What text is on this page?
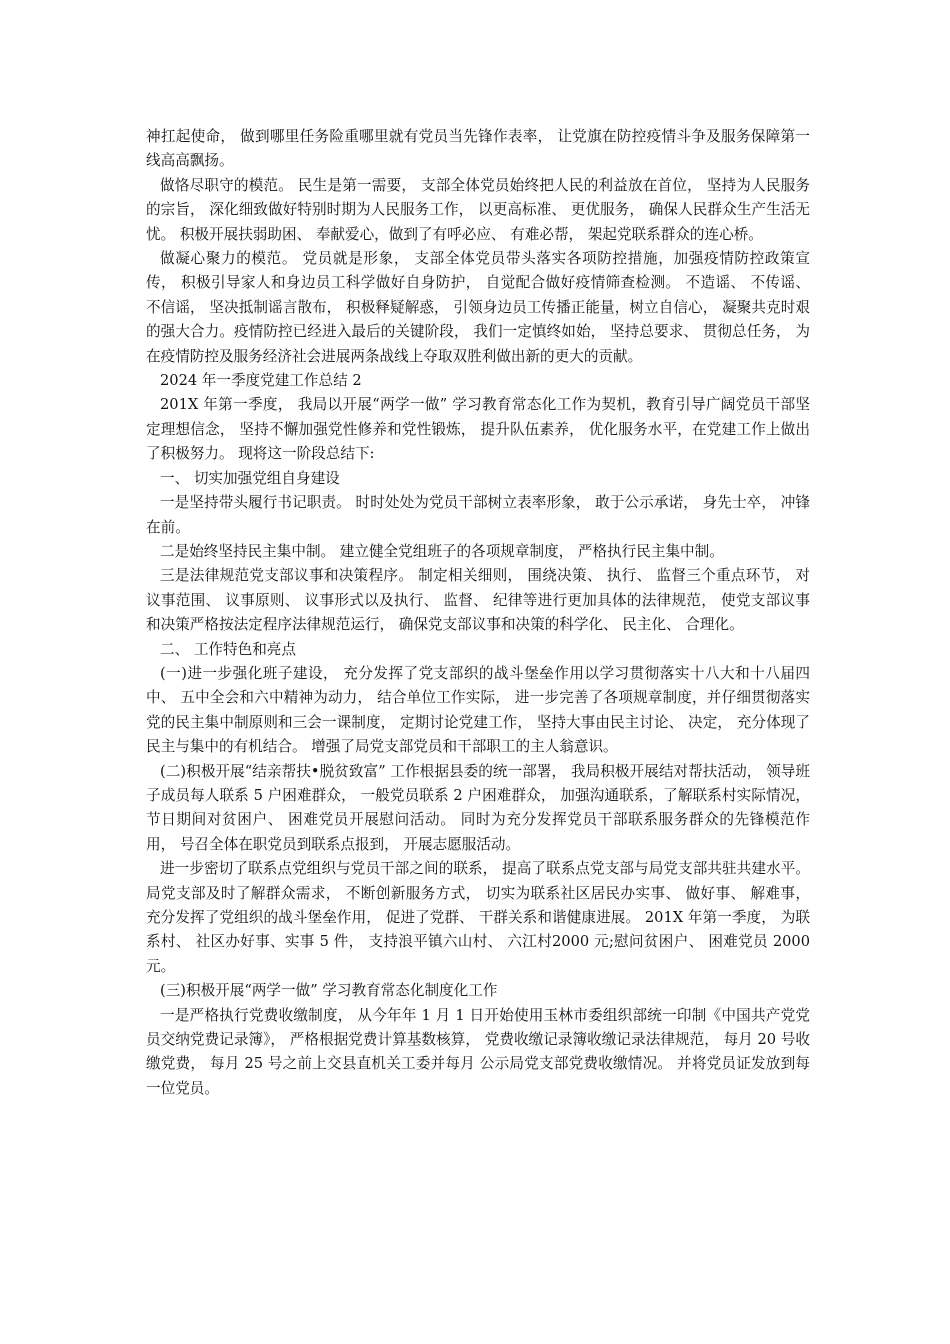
神扛起使命， 做到哪里任务险重哪里就有党员当先锋作表率， 让党旗在防控疫情斗争及服务保障第一线高高飘扬。

做恪尽职守的模范。 民生是第一需要， 支部全体党员始终把人民的利益放在首位， 坚持为人民服务的宗旨， 深化细致做好特别时期为人民服务工作， 以更高标准、 更优服务， 确保人民群众生产生活无忧。 积极开展扶弱助困、 奉献爱心，做到了有呼必应、 有难必帮， 架起党联系群众的连心桥。

做凝心聚力的模范。 党员就是形象， 支部全体党员带头落实各项防控措施，加强疫情防控政策宣传， 积极引导家人和身边员工科学做好自身防护， 自觉配合做好疫情筛查检测。 不造谣、 不传谣、 不信谣， 坚决抵制谣言散布， 积极释疑解惑， 引领身边员工传播正能量，树立自信心， 凝聚共克时艰的强大合力。疫情防控已经进入最后的关键阶段， 我们一定慎终如始， 坚持总要求、 贯彻总任务， 为在疫情防控及服务经济社会进展两条战线上夺取双胜利做出新的更大的贡献。

2024 年一季度党建工作总结 2

201X 年第一季度， 我局以开展“两学一做” 学习教育常态化工作为契机，教育引导广阔党员干部坚定理想信念， 坚持不懈加强党性修养和党性锻炼， 提升队伍素养， 优化服务水平，在党建工作上做出了积极努力。 现将这一阶段总结下:

一、 切实加强党组自身建设

一是坚持带头履行书记职责。 时时处处为党员干部树立表率形象， 敢于公示承诺， 身先士卒， 冲锋在前。

二是始终坚持民主集中制。 建立健全党组班子的各项规章制度， 严格执行民主集中制。

三是法律规范党支部议事和决策程序。 制定相关细则， 围绕决策、 执行、 监督三个重点环节， 对议事范围、 议事原则、 议事形式以及执行、 监督、 纪律等进行更加具体的法律规范， 使党支部议事和决策严格按法定程序法律规范运行， 确保党支部议事和决策的科学化、 民主化、 合理化。

二、 工作特色和亮点

(一)进一步强化班子建设， 充分发挥了党支部织的战斗堡垒作用以学习贯彻落实十八大和十八届四中、 五中全会和六中精神为动力， 结合单位工作实际， 进一步完善了各项规章制度，并仔细贯彻落实党的民主集中制原则和三会一课制度， 定期讨论党建工作， 坚持大事由民主讨论、 决定， 充分体现了民主与集中的有机结合。 增强了局党支部党员和干部职工的主人翁意识。

(二)积极开展“结亲帮扶•脱贫致富” 工作根据县委的统一部署， 我局积极开展结对帮扶活动， 领导班子成员每人联系 5 户困难群众， 一般党员联系 2 户困难群众， 加强沟通联系，了解联系村实际情况， 节日期间对贫困户、 困难党员开展慰问活动。 同时为充分发挥党员干部联系服务群众的先锋模范作用， 号召全体在职党员到联系点报到， 开展志愿服活动。

进一步密切了联系点党组织与党员干部之间的联系， 提高了联系点党支部与局党支部共驻共建水平。 局党支部及时了解群众需求， 不断创新服务方式， 切实为联系社区居民办实事、 做好事、 解难事， 充分发挥了党组织的战斗堡垒作用， 促进了党群、 干群关系和谐健康进展。 201X 年第一季度， 为联系村、 社区办好事、实事 5 件， 支持浪平镇六山村、 六江村2000 元;慰问贫困户、 困难党员 2000 元。

(三)积极开展“两学一做” 学习教育常态化制度化工作

一是严格执行党费收缴制度， 从今年年 1 月 1 日开始使用玉林市委组织部统一印制《中国共产党党员交纳党费记录簿》， 严格根据党费计算基数核算， 党费收缴记录簿收缴记录法律规范， 每月 20 号收缴党费， 每月 25 号之前上交县直机关工委并每月 公示局党支部党费收缴情况。 并将党员证发放到每一位党员。
